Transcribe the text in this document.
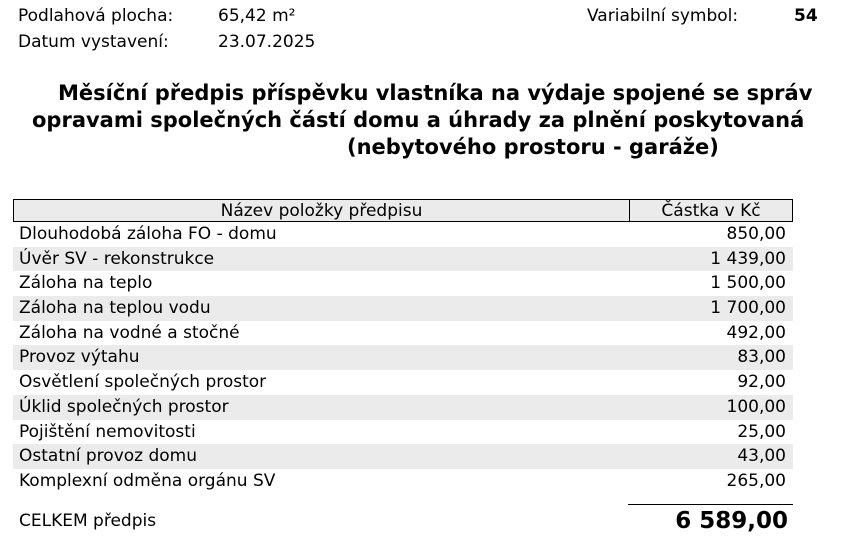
Podlahová plocha:	65,42 m²
Datum vystavení:	23.07.2025
Variabilní symbol:	54
Měsíční předpis příspěvku vlastníka na výdaje spojené se správ
opravami společných částí domu a úhrady za plnění poskytovaná
(nebytového prostoru - garáže)
Název položky předpisu	Částka v Kč
Dlouhodobá záloha FO - domu	850,00
Úvěr SV - rekonstrukce	1 439,00
Záloha na teplo	1 500,00
Záloha na teplou vodu	1 700,00
Záloha na vodné a stočné	492,00
Provoz výtahu	83,00
Osvětlení společných prostor	92,00
Úklid společných prostor	100,00
Pojištění nemovitosti	25,00
Ostatní provoz domu	43,00
Komplexní odměna orgánu SV	265,00
CELKEM předpis	6 589,00
